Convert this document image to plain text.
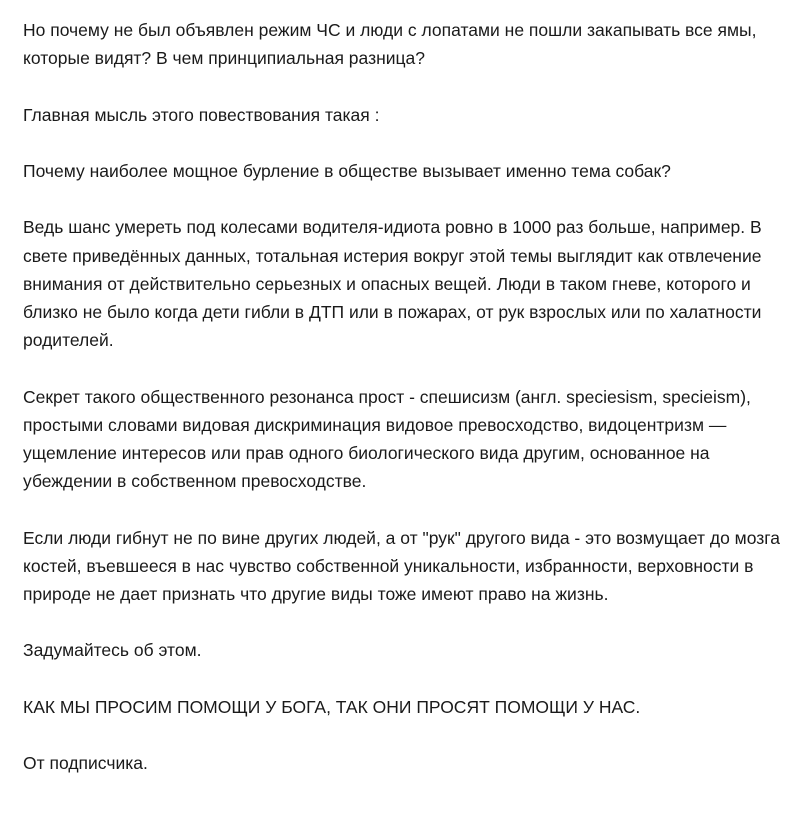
Но почему не был объявлен режим ЧС и люди с лопатами не пошли закапывать все ямы, которые видят? В чем принципиальная разница?

Главная мысль этого повествования такая :

Почему наиболее мощное бурление в обществе вызывает именно тема собак?

Ведь шанс умереть под колесами водителя-идиота ровно в 1000 раз больше, например. В свете приведённых данных, тотальная истерия вокруг этой темы выглядит как отвлечение внимания от действительно серьезных и опасных вещей. Люди в таком гневе, которого и близко не было когда дети гибли в ДТП или в пожарах, от рук взрослых или по халатности родителей.

Секрет такого общественного резонанса прост - спешисизм (англ. speciesism, specieism), простыми словами видовая дискриминация видовое превосходство, видоцентризм — ущемление интересов или прав одного биологического вида другим, основанное на убеждении в собственном превосходстве.

Если люди гибнут не по вине других людей, а от "рук" другого вида - это возмущает до мозга костей, въевшееся в нас чувство собственной уникальности, избранности, верховности в природе не дает признать что другие виды тоже имеют право на жизнь.

Задумайтесь об этом.

КАК МЫ ПРОСИМ ПОМОЩИ У БОГА, ТАК ОНИ ПРОСЯТ ПОМОЩИ У НАС.

От подписчика.
